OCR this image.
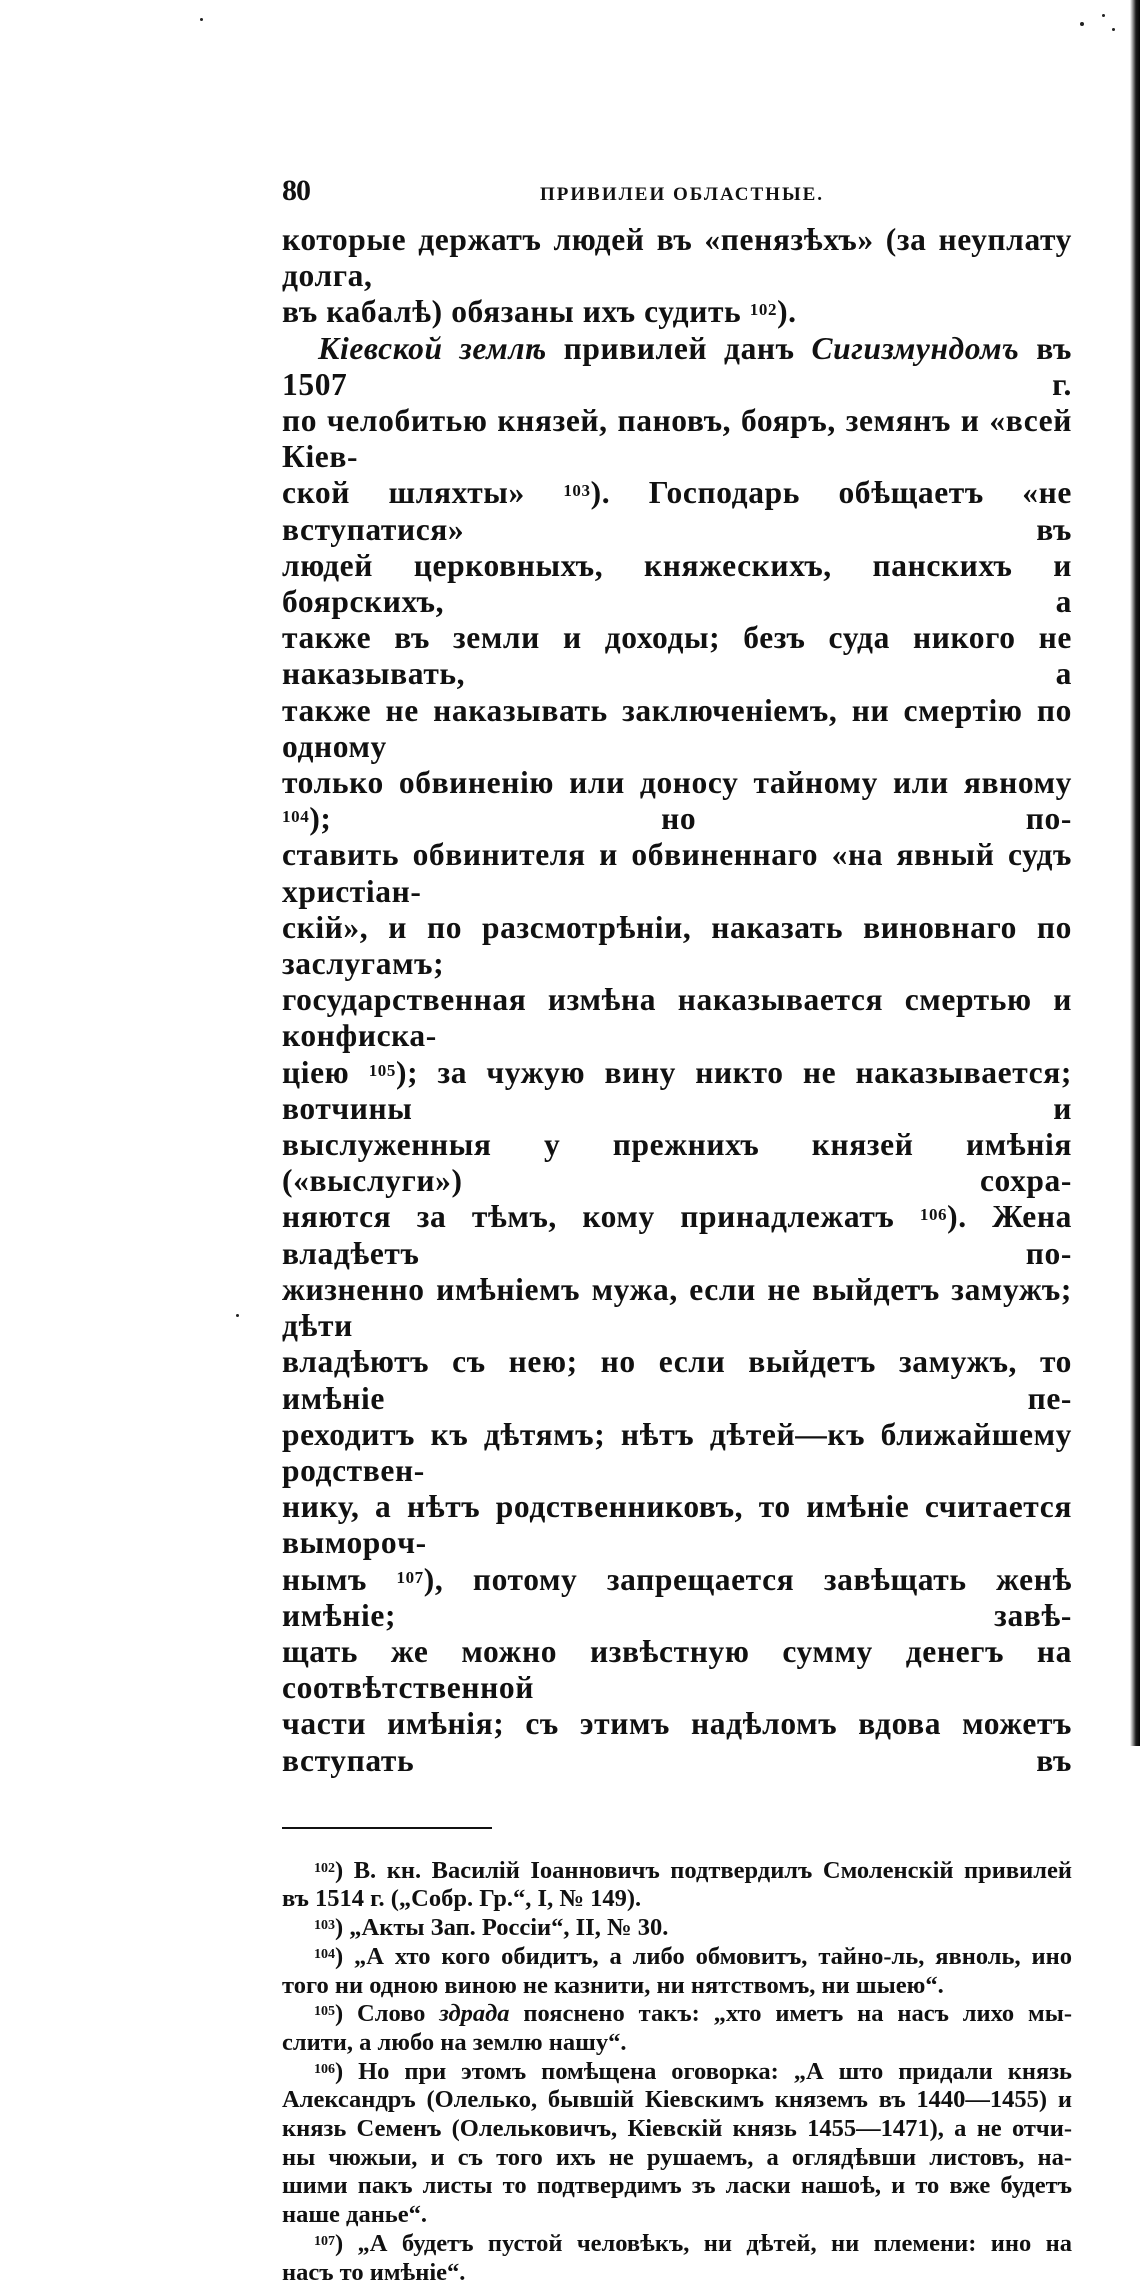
80	ПРИВИЛЕИ ОБЛАСТНЫЕ.
которые держатъ людей въ «пенязѣхъ» (за неуплату долга,
въ кабалѣ) обязаны ихъ судить $^{102}$).
Кіевской землѣ привилей данъ Сигизмундомъ въ 1507 г.
по челобитью князей, пановъ, бояръ, земянъ и «всей Кіев-
ской шляхты» $^{103}$). Господарь обѣщаетъ «не вступатися» въ
людей церковныхъ, княжескихъ, панскихъ и боярскихъ, а
также въ земли и доходы; безъ суда никого не наказывать, а
также не наказывать заключеніемъ, ни смертію по одному
только обвиненію или доносу тайному или явному $^{104}$); но по-
ставить обвинителя и обвиненнаго «на явный судъ христіан-
скій», и по разсмотрѣніи, наказать виновнаго по заслугамъ;
государственная измѣна наказывается смертью и конфиска-
ціею $^{105}$); за чужую вину никто не наказывается; вотчины и
выслуженныя у прежнихъ князей имѣнія («выслуги») сохра-
няются за тѣмъ, кому принадлежатъ $^{106}$). Жена владѣетъ по-
жизненно имѣніемъ мужа, если не выйдетъ замужъ; дѣти
владѣютъ съ нею; но если выйдетъ замужъ, то имѣніе пе-
реходитъ къ дѣтямъ; нѣтъ дѣтей—къ ближайшему родствен-
нику, а нѣтъ родственниковъ, то имѣніе считается выморoч-
нымъ $^{107}$), потому запрещается завѣщать женѣ имѣніе; завѣ-
щать же можно извѣстную сумму денегъ на соотвѣтственной
части имѣнія; съ этимъ надѣломъ вдова можетъ вступать въ
$^{102}$) В. кн. Василій Іоанновичъ подтвердилъ Смоленскій привилей
въ 1514 г. („Собр. Гр.“, I, № 149).
$^{103}$) „Акты Зап. Россіи“, II, № 30.
$^{104}$) „А хто кого обидитъ, а либо обмовитъ, тайно-ль, явноль, ино
того ни одною виною не казнити, ни нятствомъ, ни шыею“.
$^{105}$) Слово здрада пояснено такъ: „хто иметъ на насъ лихо мы-
слити, а любо на землю нашу“.
$^{106}$) Но при этомъ помѣщена оговорка: „А што придали князь
Александръ (Олелько, бывшій Кіевскимъ княземъ въ 1440—1455) и
князь Семенъ (Олельковичъ, Кіевскій князь 1455—1471), а не отчи-
ны чюжыи, и съ того ихъ не рушаемъ, а оглядѣвши листовъ, на-
шими пакъ листы то подтвердимъ зъ ласки нашоѣ, и то вже будетъ
наше данье“.
$^{107}$) „А будетъ пустой человѣкъ, ни дѣтей, ни племени: ино на
насъ то имѣніе“.
